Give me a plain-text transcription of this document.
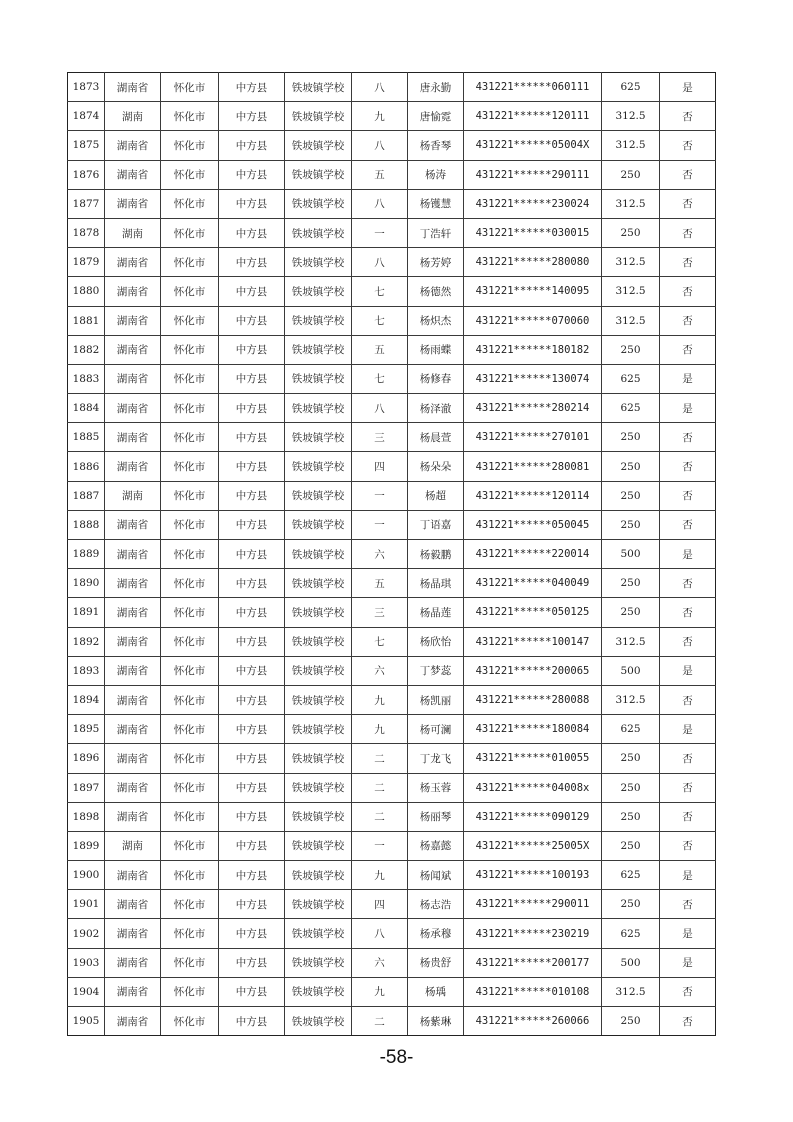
1873	湖南省	怀化市	中方县	铁坡镇学校	八	唐永勤	431221******060111	625	是
1874	湖南	怀化市	中方县	铁坡镇学校	九	唐愉霓	431221******120111	312.5	否
1875	湖南省	怀化市	中方县	铁坡镇学校	八	杨香琴	431221******05004X	312.5	否
1876	湖南省	怀化市	中方县	铁坡镇学校	五	杨涛	431221******290111	250	否
1877	湖南省	怀化市	中方县	铁坡镇学校	八	杨镬慧	431221******230024	312.5	否
1878	湖南	怀化市	中方县	铁坡镇学校	一	丁浩轩	431221******030015	250	否
1879	湖南省	怀化市	中方县	铁坡镇学校	八	杨芳婷	431221******280080	312.5	否
1880	湖南省	怀化市	中方县	铁坡镇学校	七	杨德然	431221******140095	312.5	否
1881	湖南省	怀化市	中方县	铁坡镇学校	七	杨炽杰	431221******070060	312.5	否
1882	湖南省	怀化市	中方县	铁坡镇学校	五	杨雨蝶	431221******180182	250	否
1883	湖南省	怀化市	中方县	铁坡镇学校	七	杨修春	431221******130074	625	是
1884	湖南省	怀化市	中方县	铁坡镇学校	八	杨泽澈	431221******280214	625	是
1885	湖南省	怀化市	中方县	铁坡镇学校	三	杨晨萱	431221******270101	250	否
1886	湖南省	怀化市	中方县	铁坡镇学校	四	杨朵朵	431221******280081	250	否
1887	湖南	怀化市	中方县	铁坡镇学校	一	杨超	431221******120114	250	否
1888	湖南省	怀化市	中方县	铁坡镇学校	一	丁语嘉	431221******050045	250	否
1889	湖南省	怀化市	中方县	铁坡镇学校	六	杨毅鹏	431221******220014	500	是
1890	湖南省	怀化市	中方县	铁坡镇学校	五	杨晶琪	431221******040049	250	否
1891	湖南省	怀化市	中方县	铁坡镇学校	三	杨晶莲	431221******050125	250	否
1892	湖南省	怀化市	中方县	铁坡镇学校	七	杨欣怡	431221******100147	312.5	否
1893	湖南省	怀化市	中方县	铁坡镇学校	六	丁梦蕊	431221******200065	500	是
1894	湖南省	怀化市	中方县	铁坡镇学校	九	杨凯丽	431221******280088	312.5	否
1895	湖南省	怀化市	中方县	铁坡镇学校	九	杨可澜	431221******180084	625	是
1896	湖南省	怀化市	中方县	铁坡镇学校	二	丁龙飞	431221******010055	250	否
1897	湖南省	怀化市	中方县	铁坡镇学校	二	杨玉蓉	431221******04008x	250	否
1898	湖南省	怀化市	中方县	铁坡镇学校	二	杨丽琴	431221******090129	250	否
1899	湖南	怀化市	中方县	铁坡镇学校	一	杨嘉懿	431221******25005X	250	否
1900	湖南省	怀化市	中方县	铁坡镇学校	九	杨闻斌	431221******100193	625	是
1901	湖南省	怀化市	中方县	铁坡镇学校	四	杨志浩	431221******290011	250	否
1902	湖南省	怀化市	中方县	铁坡镇学校	八	杨承穆	431221******230219	625	是
1903	湖南省	怀化市	中方县	铁坡镇学校	六	杨贵舒	431221******200177	500	是
1904	湖南省	怀化市	中方县	铁坡镇学校	九	杨瑀	431221******010108	312.5	否
1905	湖南省	怀化市	中方县	铁坡镇学校	二	杨紫琳	431221******260066	250	否
-58-
